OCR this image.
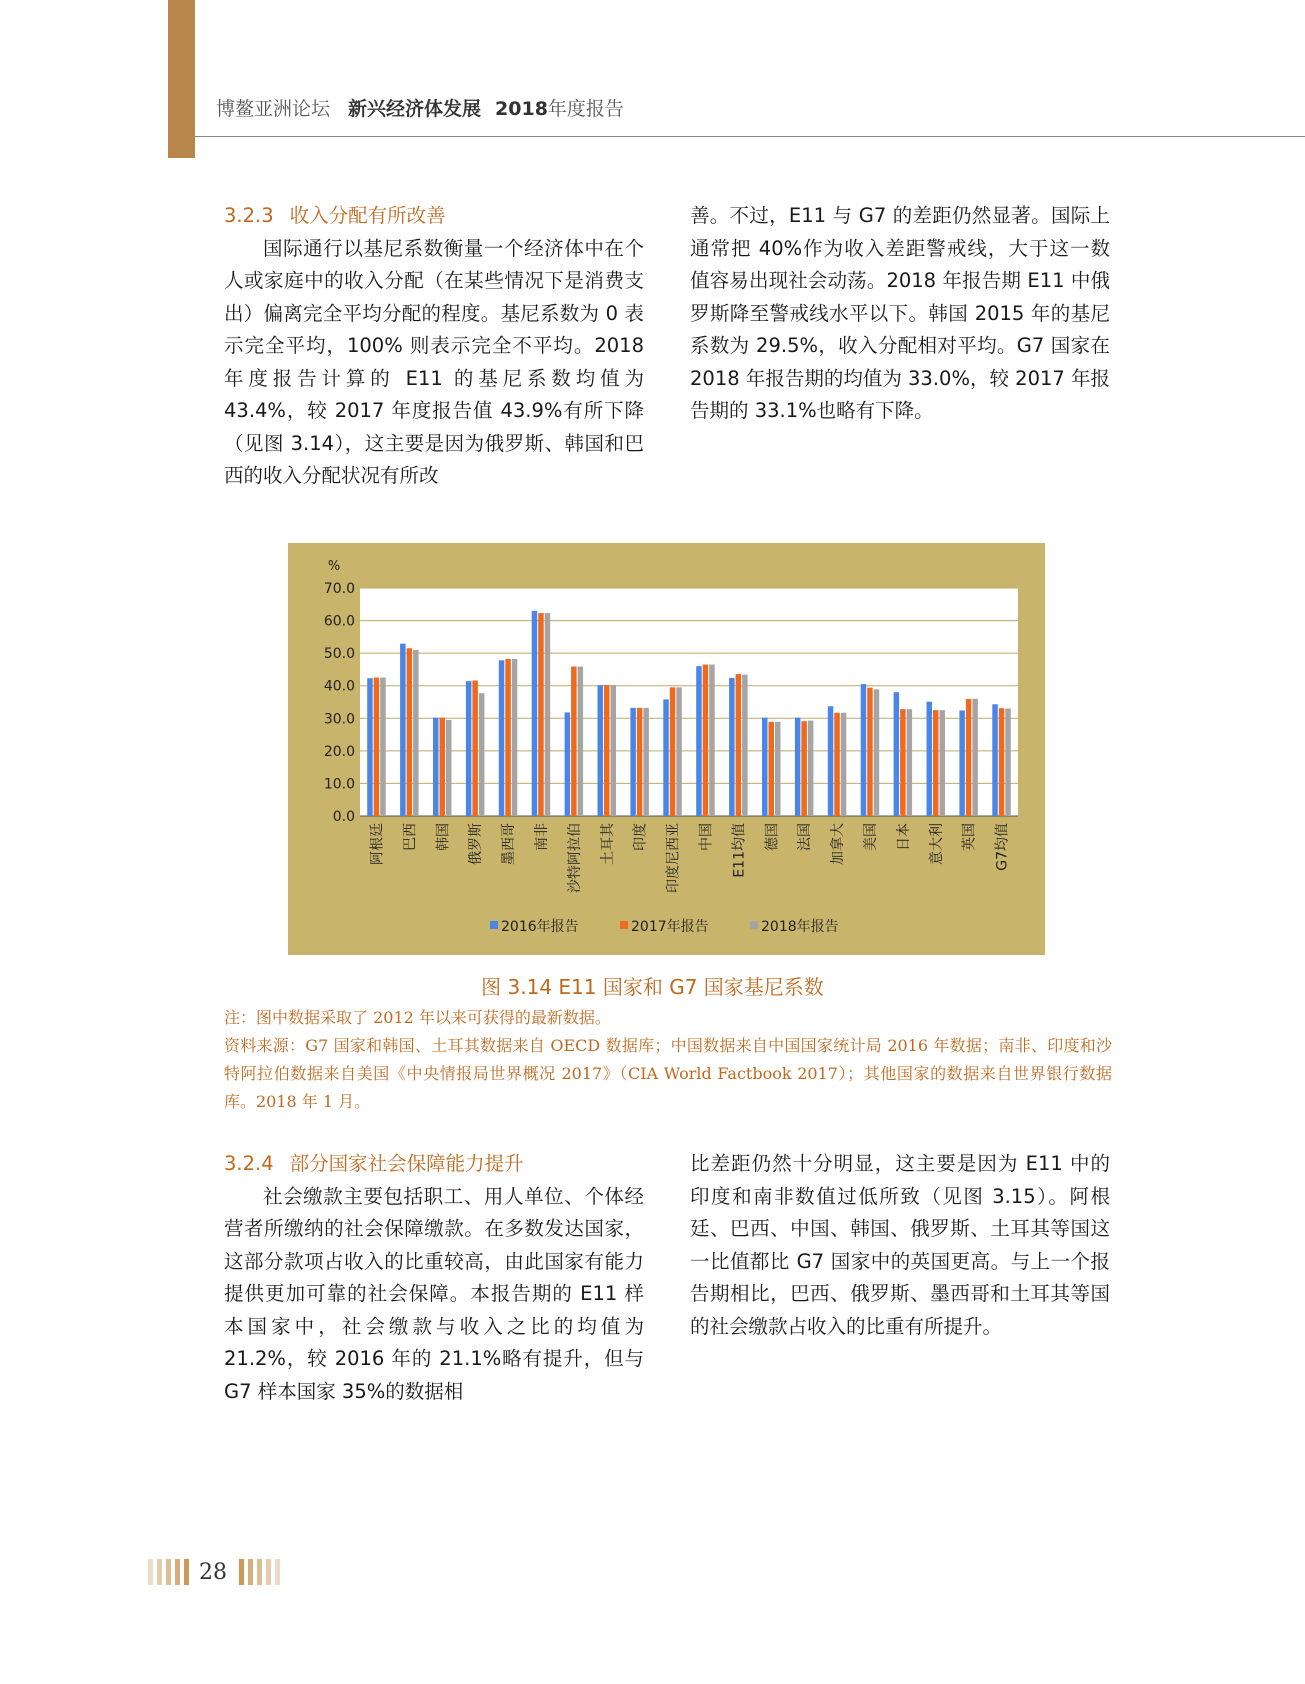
博鳌亚洲论坛 新兴经济体发展 2018年度报告
3.2.3 收入分配有所改善

国际通行以基尼系数衡量一个经济体中在个人或家庭中的收入分配（在某些情况下是消费支出）偏离完全平均分配的程度。基尼系数为 0 表示完全平均，100% 则表示完全不平均。2018 年度报告计算的 E11 的基尼系数均值为 43.4%，较 2017 年度报告值 43.9%有所下降（见图 3.14），这主要是因为俄罗斯、韩国和巴西的收入分配状况有所改

善。不过，E11 与 G7 的差距仍然显著。国际上通常把 40%作为收入差距警戒线，大于这一数值容易出现社会动荡。2018 年报告期 E11 中俄罗斯降至警戒线水平以下。韩国 2015 年的基尼系数为 29.5%，收入分配相对平均。G7 国家在 2018 年报告期的均值为 33.0%，较 2017 年报告期的 33.1%也略有下降。

0.0
10.0
20.0
30.0
40.0
50.0
60.0
70.0
%
阿根廷 巴西 韩国 俄罗斯 墨西哥 南非 沙特阿拉伯 土耳其 印度 印度尼西亚 中国 E11均值 德国 法国 加拿大 美国 日本 意大利 英国 G7均值
2016年报告	2017年报告	2018年报告
图 3.14 E11 国家和 G7 国家基尼系数

注：图中数据采取了 2012 年以来可获得的最新数据。

资料来源：G7 国家和韩国、土耳其数据来自 OECD 数据库；中国数据来自中国国家统计局 2016 年数据；南非、印度和沙特阿拉伯数据来自美国《中央情报局世界概况 2017》（CIA World Factbook 2017）；其他国家的数据来自世界银行数据库。2018 年 1 月。

3.2.4 部分国家社会保障能力提升

社会缴款主要包括职工、用人单位、个体经营者所缴纳的社会保障缴款。在多数发达国家，这部分款项占收入的比重较高，由此国家有能力提供更加可靠的社会保障。本报告期的 E11 样本国家中，社会缴款与收入之比的均值为 21.2%，较 2016 年的 21.1%略有提升，但与 G7 样本国家 35%的数据相

比差距仍然十分明显，这主要是因为 E11 中的印度和南非数值过低所致（见图 3.15）。阿根廷、巴西、中国、韩国、俄罗斯、土耳其等国这一比值都比 G7 国家中的英国更高。与上一个报告期相比，巴西、俄罗斯、墨西哥和土耳其等国的社会缴款占收入的比重有所提升。

28
